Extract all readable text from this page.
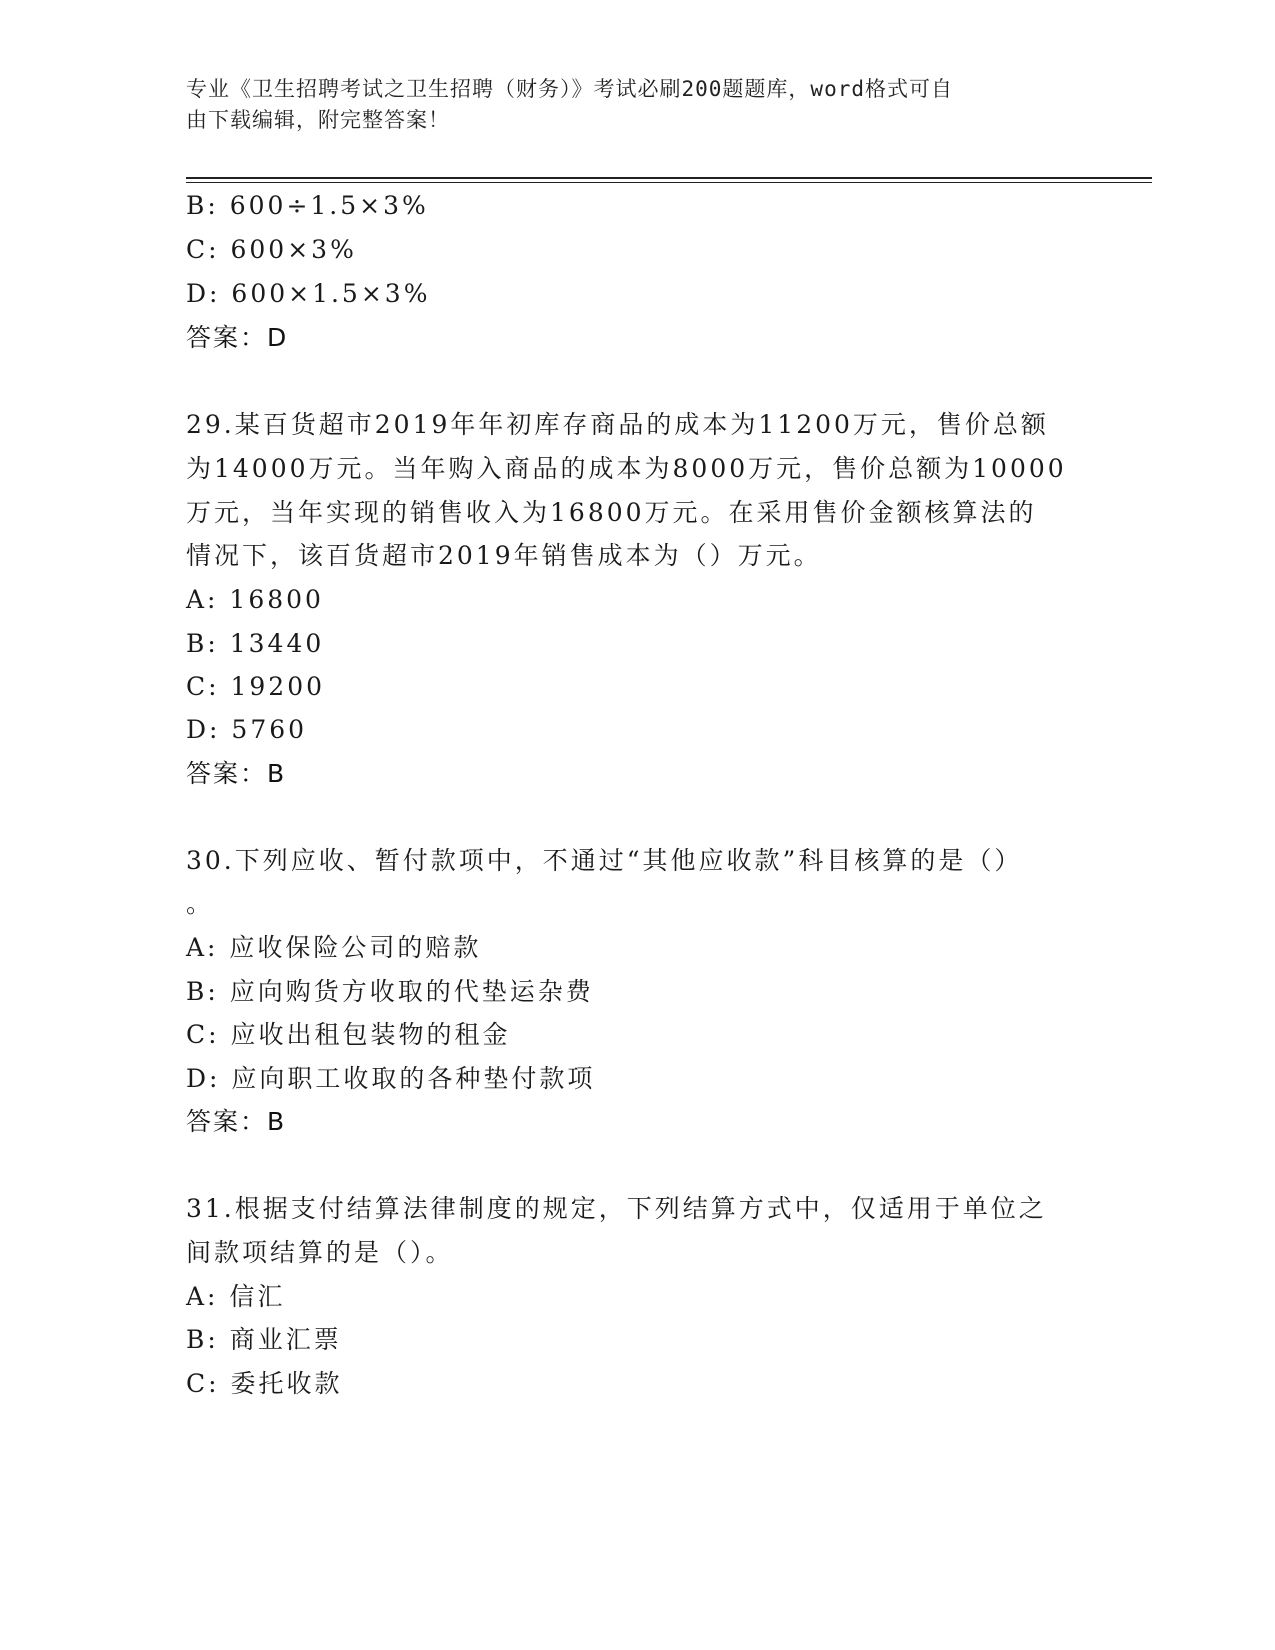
专业《卫生招聘考试之卫生招聘（财务）》考试必刷200题题库，word格式可自
由下载编辑，附完整答案！
B: 600÷1.5×3%
C: 600×3%
D: 600×1.5×3%
答案：D
29.某百货超市2019年年初库存商品的成本为11200万元，售价总额
为14000万元。当年购入商品的成本为8000万元，售价总额为10000
万元，当年实现的销售收入为16800万元。在采用售价金额核算法的
情况下，该百货超市2019年销售成本为（）万元。
A: 16800
B: 13440
C: 19200
D: 5760
答案：B
30.下列应收、暂付款项中，不通过“其他应收款”科目核算的是（）
。
A: 应收保险公司的赔款
B: 应向购货方收取的代垫运杂费
C: 应收出租包装物的租金
D: 应向职工收取的各种垫付款项
答案：B
31.根据支付结算法律制度的规定，下列结算方式中，仅适用于单位之
间款项结算的是（）。
A: 信汇
B: 商业汇票
C: 委托收款
